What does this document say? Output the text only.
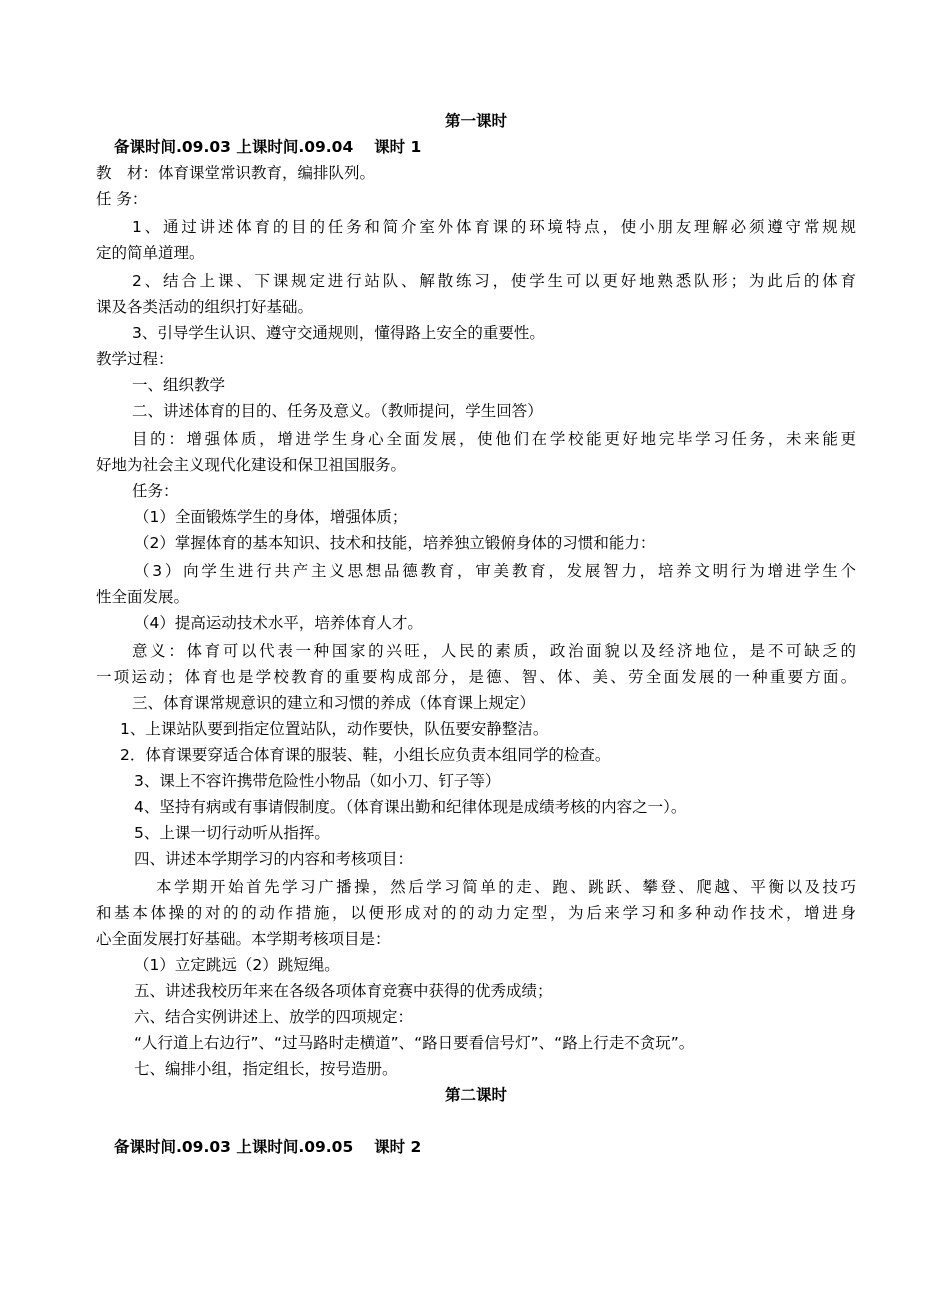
第一课时
备课时间.09.03 上课时间.09.04　 课时 1
教　材：体育课堂常识教育，编排队列。
任 务：
1、通过讲述体育的目的任务和简介室外体育课的环境特点，使小朋友理解必须遵守常规规
定的简单道理。
2、结合上课、下课规定进行站队、解散练习，使学生可以更好地熟悉队形；为此后的体育
课及各类活动的组织打好基础。
3、引导学生认识、遵守交通规则，懂得路上安全的重要性。
教学过程：
一、组织教学
二、讲述体育的目的、任务及意义。（教师提问，学生回答）
目的：增强体质，增进学生身心全面发展，使他们在学校能更好地完毕学习任务，未来能更
好地为社会主义现代化建设和保卫祖国服务。
任务：
（1）全面锻炼学生的身体，增强体质；
（2）掌握体育的基本知识、技术和技能，培养独立锻俯身体的习惯和能力：
（3）向学生进行共产主义思想品德教育，审美教育，发展智力，培养文明行为增进学生个
性全面发展。
（4）提高运动技术水平，培养体育人才。
意义：体育可以代表一种国家的兴旺，人民的素质，政治面貌以及经济地位，是不可缺乏的
一项运动；体育也是学校教育的重要构成部分，是德、智、体、美、劳全面发展的一种重要方面。
三、体育课常规意识的建立和习惯的养成（体育课上规定）
1、上课站队要到指定位置站队，动作要快，队伍要安静整洁。
2．体育课要穿适合体育课的服装、鞋，小组长应负责本组同学的检查。
3、课上不容许携带危险性小物品（如小刀、钉子等）
4、坚持有病或有事请假制度。（体育课出勤和纪律体现是成绩考核的内容之一）。
5、上课一切行动听从指挥。
四、讲述本学期学习的内容和考核项目：
本学期开始首先学习广播操，然后学习简单的走、跑、跳跃、攀登、爬越、平衡以及技巧
和基本体操的对的的动作措施，以便形成对的的动力定型，为后来学习和多种动作技术，增进身
心全面发展打好基础。本学期考核项目是：
（1）立定跳远（2）跳短绳。
五、讲述我校历年来在各级各项体育竞赛中获得的优秀成绩；
六、结合实例讲述上、放学的四项规定：
“人行道上右边行”、“过马路时走横道”、“路日要看信号灯”、“路上行走不贪玩”。
七、编排小组，指定组长，按号造册。
第二课时
备课时间.09.03 上课时间.09.05　 课时 2
